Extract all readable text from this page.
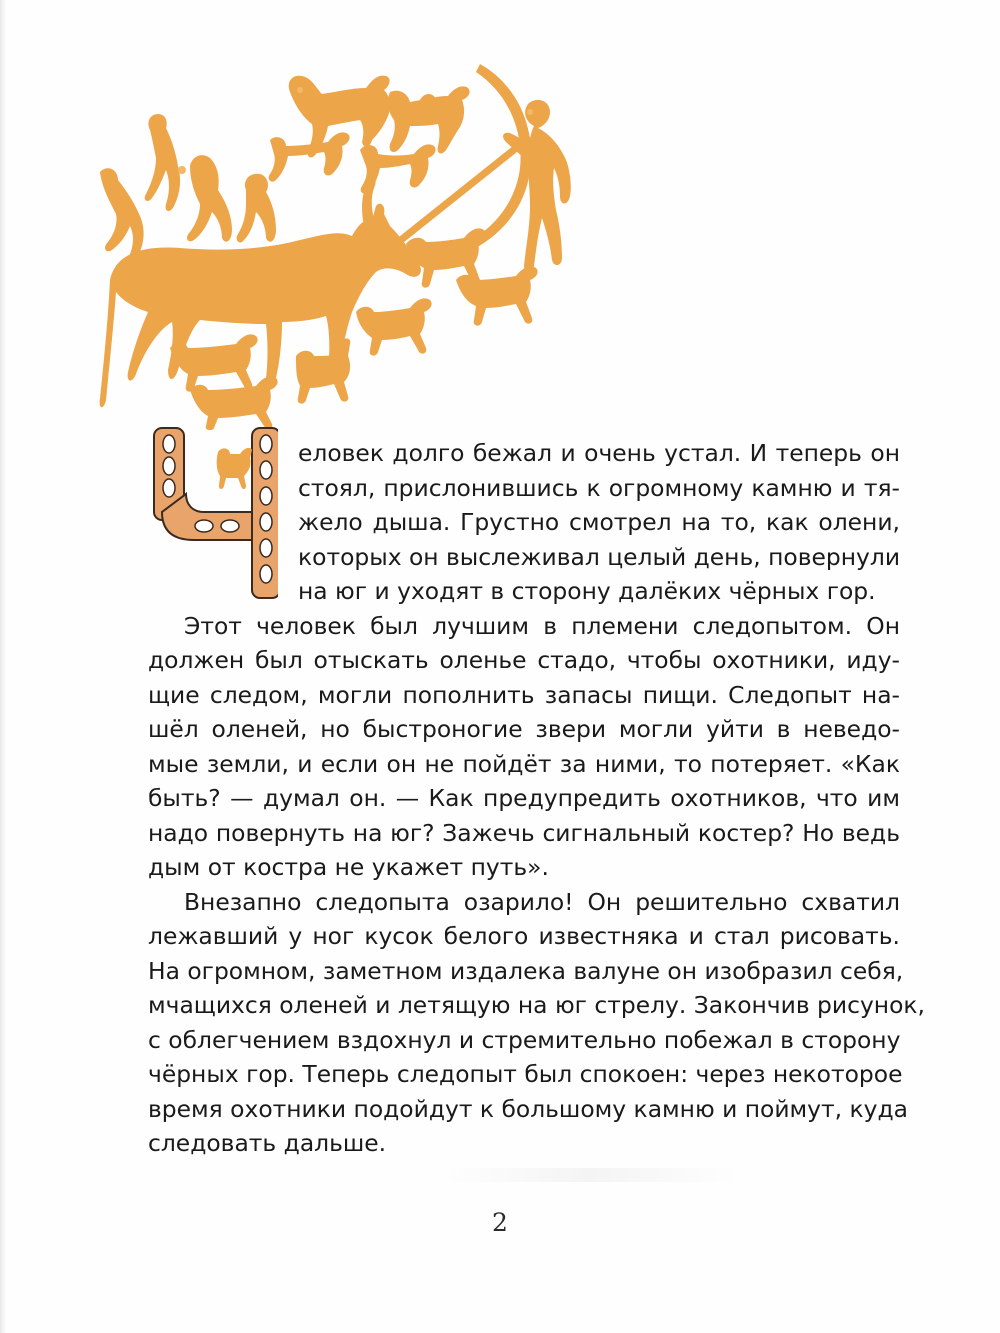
еловек долго бежал и очень устал. И теперь он
стоял, прислонившись к огромному камню и тя-
жело дыша. Грустно смотрел на то, как олени,
которых он выслеживал целый день, повернули
на юг и уходят в сторону далёких чёрных гор.
Этот человек был лучшим в племени следопытом. Он
должен был отыскать оленье стадо, чтобы охотники, иду-
щие следом, могли пополнить запасы пищи. Следопыт на-
шёл оленей, но быстроногие звери могли уйти в неведо-
мые земли, и если он не пойдёт за ними, то потеряет. «Как
быть? — думал он. — Как предупредить охотников, что им
надо повернуть на юг? Зажечь сигнальный костер? Но ведь
дым от костра не укажет путь».
Внезапно следопыта озарило! Он решительно схватил
лежавший у ног кусок белого известняка и стал рисовать.
На огромном, заметном издалека валуне он изобразил себя,
мчащихся оленей и летящую на юг стрелу. Закончив рисунок,
с облегчением вздохнул и стремительно побежал в сторону
чёрных гор. Теперь следопыт был спокоен: через некоторое
время охотники подойдут к большому камню и поймут, куда
следовать дальше.
2
